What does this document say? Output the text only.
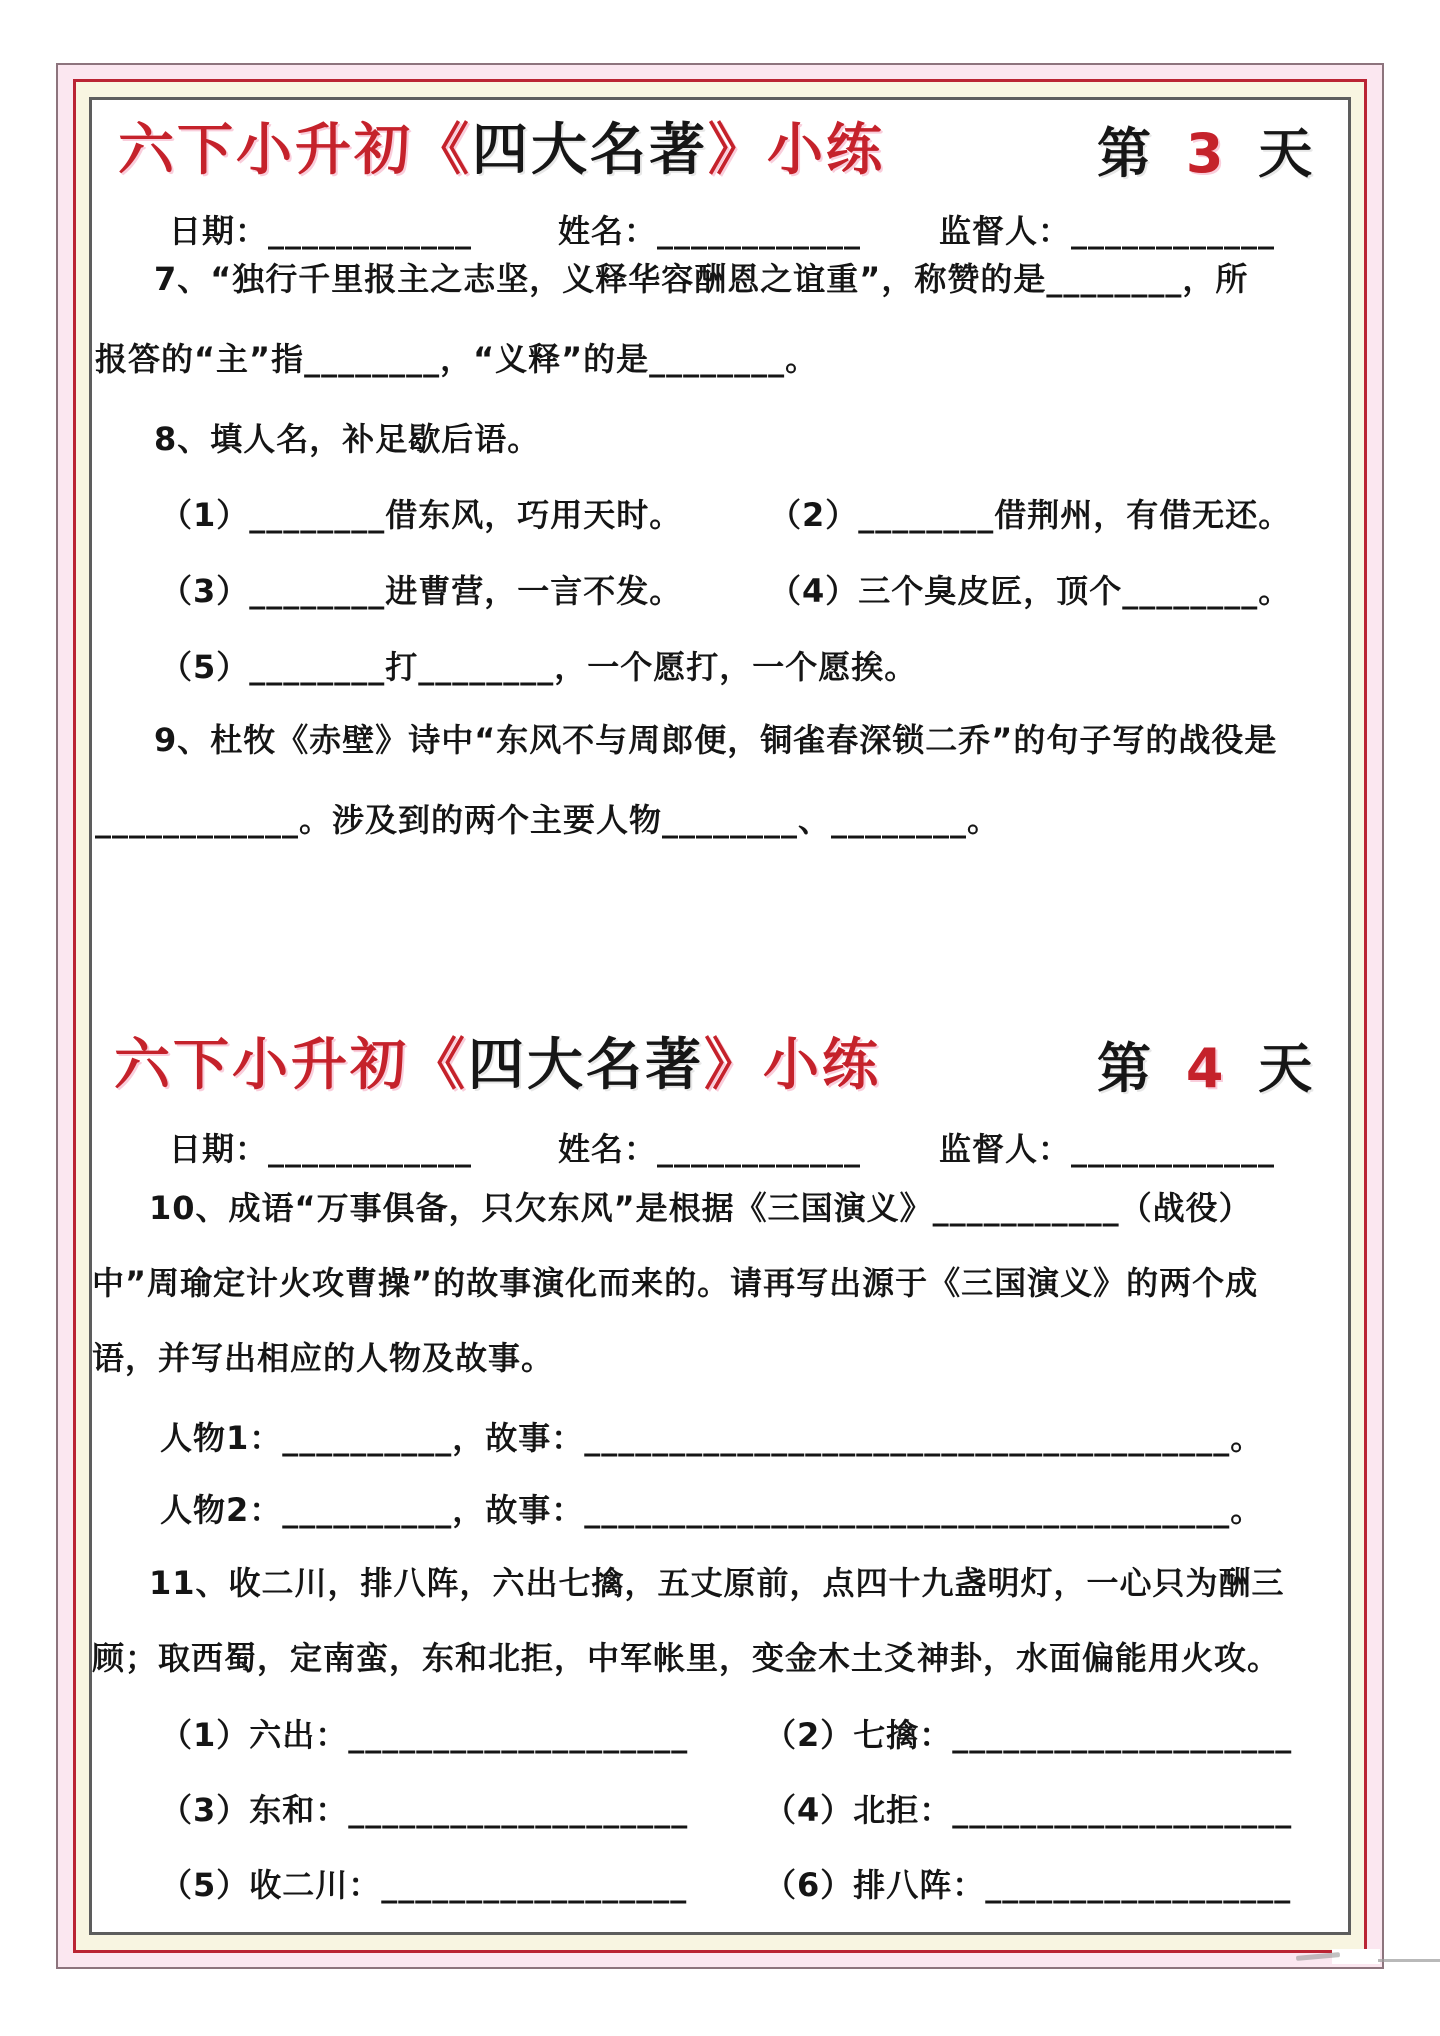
六下小升初《四大名著》小练	第 3 天
日期：____________	姓名：____________ 监督人：____________
7、“独行千里报主之志坚，义释华容酬恩之谊重”，称赞的是________，所
报答的“主”指________，“义释”的是________。
8、填人名，补足歇后语。
（1）________借东风，巧用天时。	（2）________借荆州，有借无还。
（3）________进曹营，一言不发。	（4）三个臭皮匠，顶个________。
（5）________打________，一个愿打，一个愿挨。
9、杜牧《赤壁》诗中“东风不与周郎便，铜雀春深锁二乔”的句子写的战役是
____________。涉及到的两个主要人物________、________。
六下小升初《四大名著》小练	第 4 天
日期：____________	姓名：____________ 监督人：____________
10、成语“万事俱备，只欠东风”是根据《三国演义》___________（战役）
中”周瑜定计火攻曹操”的故事演化而来的。请再写出源于《三国演义》的两个成
语，并写出相应的人物及故事。
人物1：__________，故事：______________________________________。
人物2：__________，故事：______________________________________。
11、收二川，排八阵，六出七擒，五丈原前，点四十九盏明灯，一心只为酬三
顾；取西蜀，定南蛮，东和北拒，中军帐里，变金木土爻神卦，水面偏能用火攻。
（1）六出：____________________ （2）七擒：____________________
（3）东和：____________________ （4）北拒：____________________
（5）收二川：__________________ （6）排八阵：__________________
